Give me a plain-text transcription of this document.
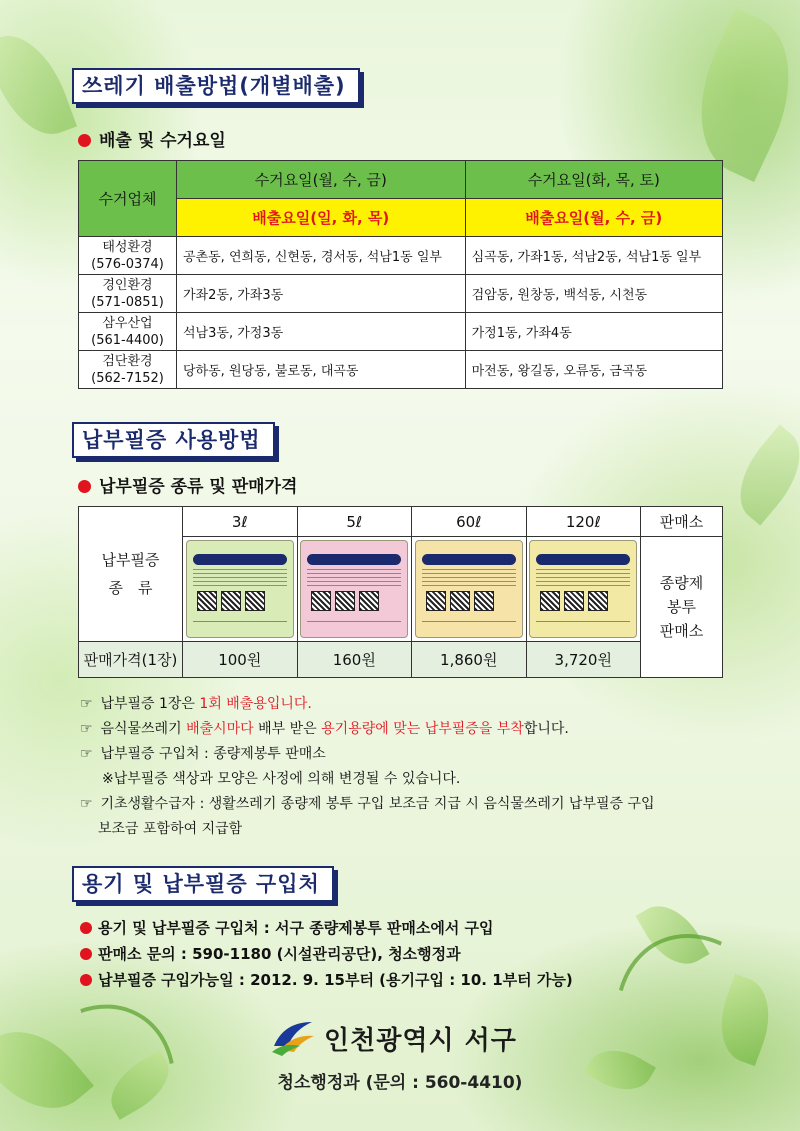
쓰레기 배출방법(개별배출)
배출 및 수거요일
수거업체	수거요일(월, 수, 금)	수거요일(화, 목, 토)
	배출요일(일, 화, 목)	배출요일(월, 수, 금)

태성환경
(576-0374)	공촌동, 연희동, 신현동, 경서동, 석남1동 일부	심곡동, 가좌1동, 석남2동, 석남1동 일부

경인환경
(571-0851)	가좌2동, 가좌3동	검암동, 원창동, 백석동, 시천동

삼우산업
(561-4400)	석남3동, 가정3동	가정1동, 가좌4동

검단환경
(562-7152)	당하동, 원당동, 불로동, 대곡동	마전동, 왕길동, 오류동, 금곡동
납부필증 사용방법
납부필증 종류 및 판매가격
납부필증
종　류	3ℓ	5ℓ	60ℓ	120ℓ	판매소

					종량제
봉투
판매소

판매가격(1장)	100원	160원	1,860원	3,720원	
☞ 납부필증 1장은 1회 배출용입니다.
☞ 음식물쓰레기 배출시마다 배부 받은 용기용량에 맞는 납부필증을 부착합니다.
☞ 납부필증 구입처 : 종량제봉투 판매소
※납부필증 색상과 모양은 사정에 의해 변경될 수 있습니다.
☞ 기초생활수급자 : 생활쓰레기 종량제 봉투 구입 보조금 지급 시 음식물쓰레기 납부필증 구입
보조금 포함하여 지급함
용기 및 납부필증 구입처
용기 및 납부필증 구입처 : 서구 종량제봉투 판매소에서 구입
판매소 문의 : 590-1180 (시설관리공단), 청소행정과
납부필증 구입가능일 : 2012. 9. 15부터 (용기구입 : 10. 1부터 가능)
인천광역시 서구
청소행정과 (문의 : 560-4410)
